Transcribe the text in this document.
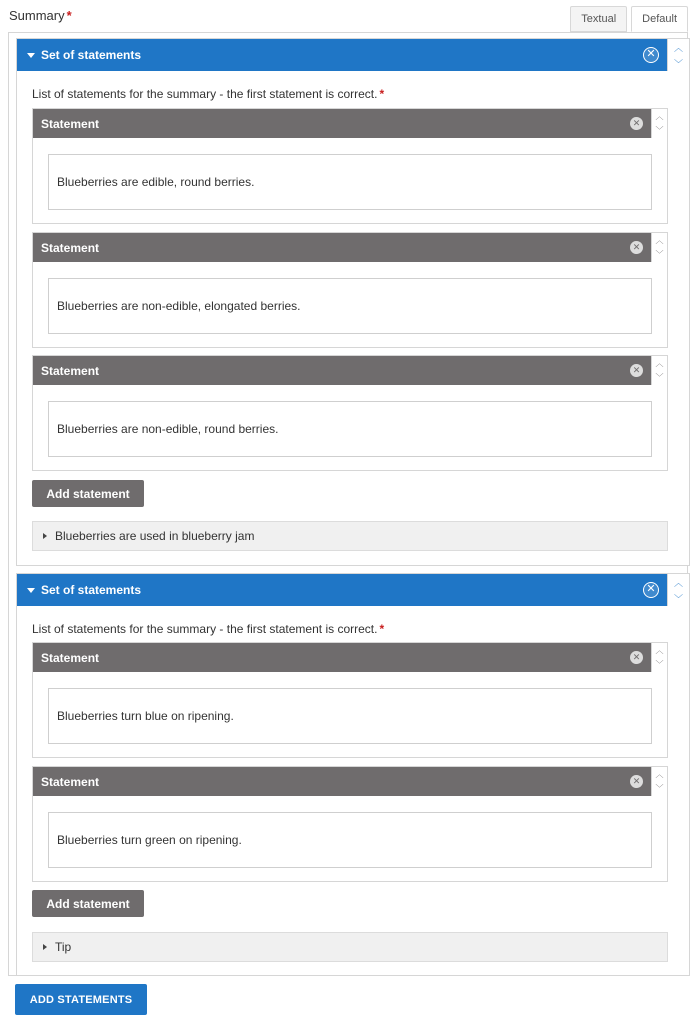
Summary *	Textual	Default
Set of statements	✕
︿
﹀
List of statements for the summary - the first statement is correct. *
Statement	✕
︿
﹀
Blueberries are edible, round berries.
Statement	✕
︿
﹀
Blueberries are non-edible, elongated berries.
Statement	✕
︿
﹀
Blueberries are non-edible, round berries.
Add statement
Blueberries are used in blueberry jam
Set of statements	✕
︿
﹀
List of statements for the summary - the first statement is correct. *
Statement	✕
︿
﹀
Blueberries turn blue on ripening.
Statement	✕
︿
﹀
Blueberries turn green on ripening.
Add statement
Tip
ADD STATEMENTS
